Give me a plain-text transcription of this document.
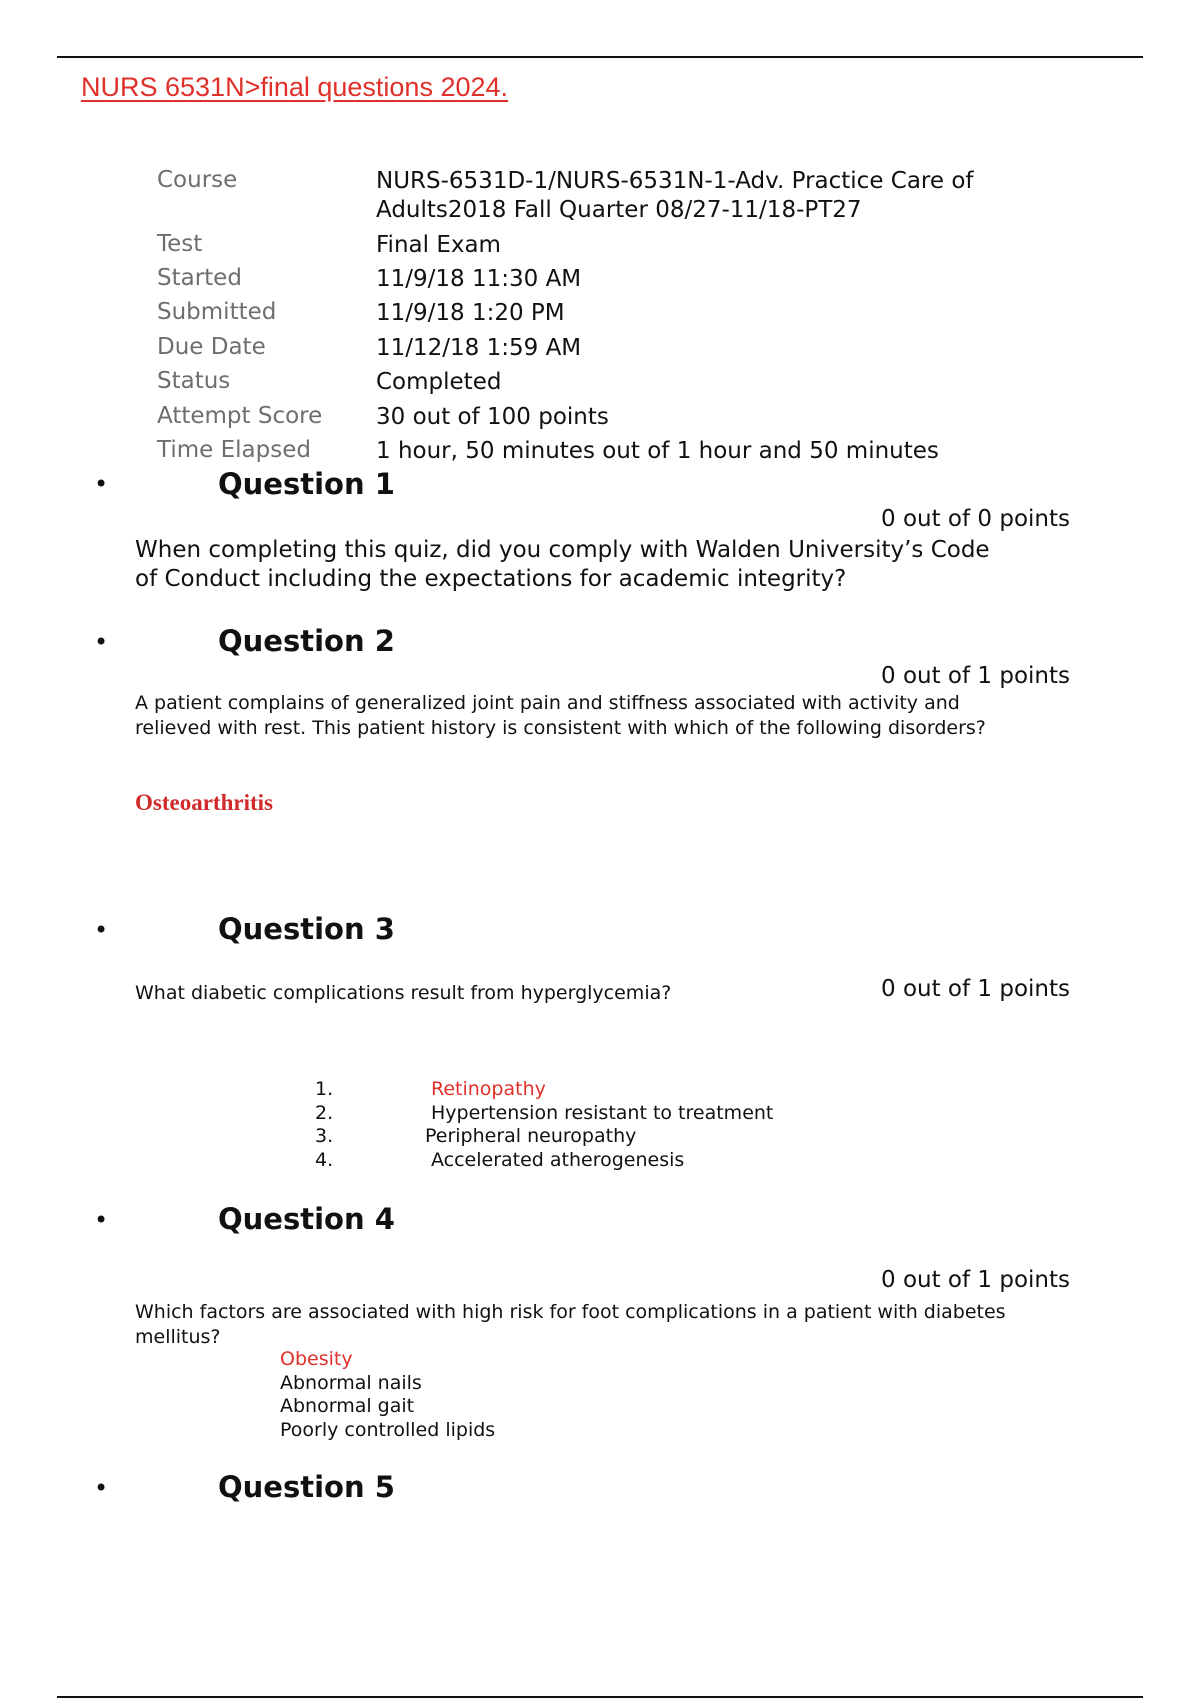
NURS 6531N>final questions 2024.
Course	NURS-6531D-1/NURS-6531N-1-Adv. Practice Care of Adults2018 Fall Quarter 08/27-11/18-PT27
Test	Final Exam
Started	11/9/18 11:30 AM
Submitted	11/9/18 1:20 PM
Due Date	11/12/18 1:59 AM
Status	Completed
Attempt Score 30 out of 100 points
Time Elapsed	1 hour, 50 minutes out of 1 hour and 50 minutes
•	Question 1
0 out of 0 points
When completing this quiz, did you comply with Walden University’s Code of Conduct including the expectations for academic integrity?
•	Question 2
0 out of 1 points
A patient complains of generalized joint pain and stiffness associated with activity and relieved with rest. This patient history is consistent with which of the following disorders?
Osteoarthritis
•	Question 3
What diabetic complications result from hyperglycemia?	0 out of 1 points
1.	Retinopathy
2.	Hypertension resistant to treatment
3.	Peripheral neuropathy
4.	Accelerated atherogenesis
•	Question 4
0 out of 1 points
Which factors are associated with high risk for foot complications in a patient with diabetes mellitus?
Obesity
Abnormal nails
Abnormal gait
Poorly controlled lipids
•	Question 5
